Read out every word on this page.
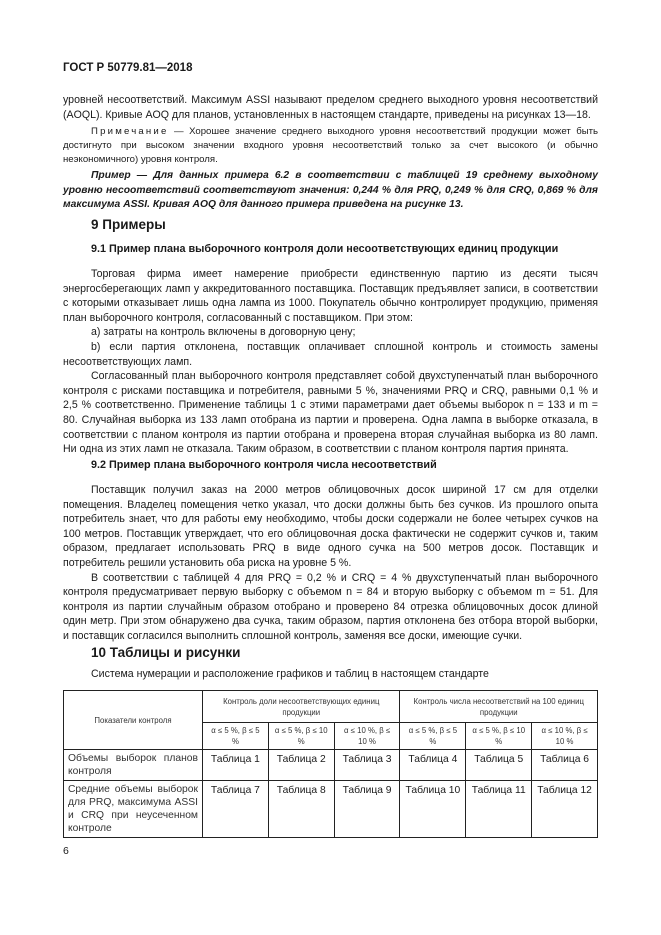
ГОСТ Р 50779.81—2018

уровней несоответствий. Максимум ASSI называют пределом среднего выходного уровня несоответствий (AOQL). Кривые AOQ для планов, установленных в настоящем стандарте, приведены на рисунках 13—18.

Примечание — Хорошее значение среднего выходного уровня несоответствий продукции может быть достигнуто при высоком значении входного уровня несоответствий только за счет высокого (и обычно неэкономичного) уровня контроля.

Пример — Для данных примера 6.2 в соответствии с таблицей 19 среднему выходному уровню несоответствий соответствуют значения: 0,244 % для PRQ, 0,249 % для CRQ, 0,869 % для максимума ASSI. Кривая AOQ для данного примера приведена на рисунке 13.

9 Примеры
9.1 Пример плана выборочного контроля доли несоответствующих единиц продукции

Торговая фирма имеет намерение приобрести единственную партию из десяти тысяч энергосберегающих ламп у аккредитованного поставщика. Поставщик предъявляет записи, в соответствии с которыми отказывает лишь одна лампа из 1000. Покупатель обычно контролирует продукцию, применяя план выборочного контроля, согласованный с поставщиком. При этом:

a) затраты на контроль включены в договорную цену;

b) если партия отклонена, поставщик оплачивает сплошной контроль и стоимость замены несоответствующих ламп.

Согласованный план выборочного контроля представляет собой двухступенчатый план выборочного контроля с рисками поставщика и потребителя, равными 5 %, значениями PRQ и CRQ, равными 0,1 % и 2,5 % соответственно. Применение таблицы 1 с этими параметрами дает объемы выборок n = 133 и m = 80. Случайная выборка из 133 ламп отобрана из партии и проверена. Одна лампа в выборке отказала, в соответствии с планом контроля из партии отобрана и проверена вторая случайная выборка из 80 ламп. Ни одна из этих ламп не отказала. Таким образом, в соответствии с планом контроля партия принята.

9.2 Пример плана выборочного контроля числа несоответствий

Поставщик получил заказ на 2000 метров облицовочных досок шириной 17 см для отделки помещения. Владелец помещения четко указал, что доски должны быть без сучков. Из прошлого опыта потребитель знает, что для работы ему необходимо, чтобы доски содержали не более четырех сучков на 100 метров. Поставщик утверждает, что его облицовочная доска фактически не содержит сучков и, таким образом, предлагает использовать PRQ в виде одного сучка на 500 метров досок. Поставщик и потребитель решили установить оба риска на уровне 5 %.

В соответствии с таблицей 4 для PRQ = 0,2 % и CRQ = 4 % двухступенчатый план выборочного контроля предусматривает первую выборку с объемом n = 84 и вторую выборку с объемом m = 51. Для контроля из партии случайным образом отобрано и проверено 84 отрезка облицовочных досок длиной один метр. При этом обнаружено два сучка, таким образом, партия отклонена без отбора второй выборки, и поставщик согласился выполнить сплошной контроль, заменяя все доски, имеющие сучки.

10 Таблицы и рисунки
Система нумерации и расположение графиков и таблиц в настоящем стандарте
Показатели контроля	Контроль доли несоответствующих единиц продукции			Контроль числа несоответствий на 100 единиц продукции		
	α ≤ 5 %, β ≤ 5 %	α ≤ 5 %, β ≤ 10 %	α ≤ 10 %, β ≤ 10 %	α ≤ 5 %, β ≤ 5 %	α ≤ 5 %, β ≤ 10 %	α ≤ 10 %, β ≤ 10 %
Объемы выборок планов контроля	Таблица 1	Таблица 2	Таблица 3	Таблица 4	Таблица 5	Таблица 6
Средние объемы выборок для PRQ, максимума ASSI и CRQ при неусеченном контроле	Таблица 7	Таблица 8	Таблица 9	Таблица 10	Таблица 11	Таблица 12
6
